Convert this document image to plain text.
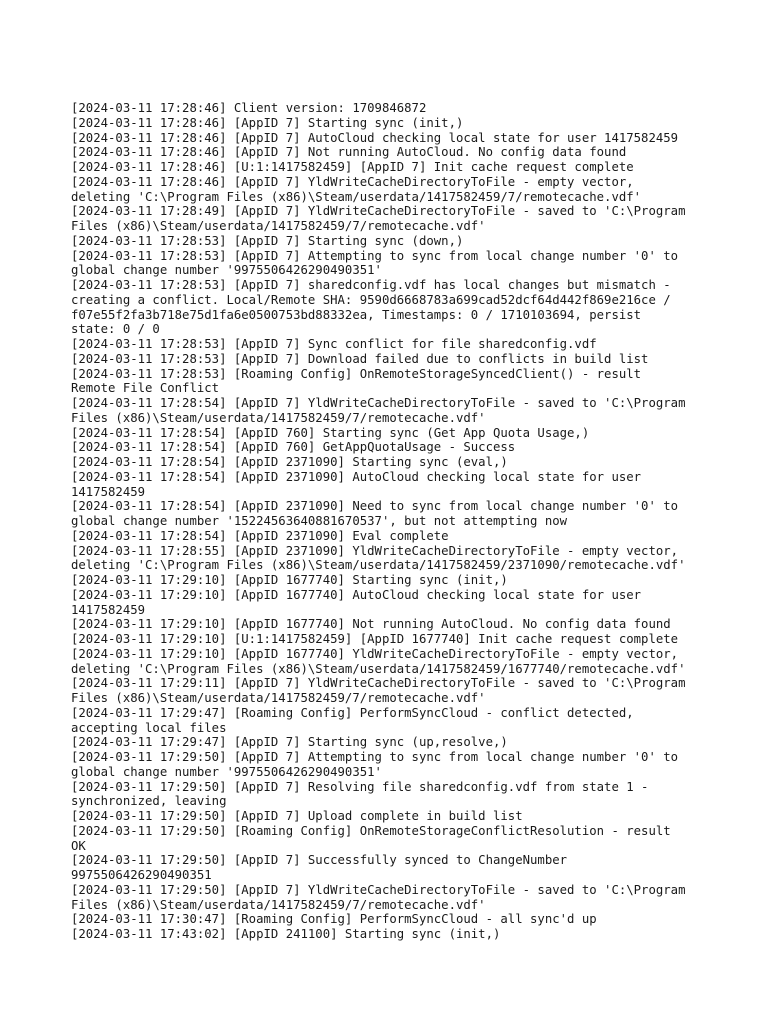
[2024-03-11 17:28:46] Client version: 1709846872
[2024-03-11 17:28:46] [AppID 7] Starting sync (init,)
[2024-03-11 17:28:46] [AppID 7] AutoCloud checking local state for user 1417582459
[2024-03-11 17:28:46] [AppID 7] Not running AutoCloud. No config data found
[2024-03-11 17:28:46] [U:1:1417582459] [AppID 7] Init cache request complete
[2024-03-11 17:28:46] [AppID 7] YldWriteCacheDirectoryToFile - empty vector,
deleting 'C:\Program Files (x86)\Steam/userdata/1417582459/7/remotecache.vdf'
[2024-03-11 17:28:49] [AppID 7] YldWriteCacheDirectoryToFile - saved to 'C:\Program
Files (x86)\Steam/userdata/1417582459/7/remotecache.vdf'
[2024-03-11 17:28:53] [AppID 7] Starting sync (down,)
[2024-03-11 17:28:53] [AppID 7] Attempting to sync from local change number '0' to
global change number '9975506426290490351'
[2024-03-11 17:28:53] [AppID 7] sharedconfig.vdf has local changes but mismatch -
creating a conflict. Local/Remote SHA: 9590d6668783a699cad52dcf64d442f869e216ce /
f07e55f2fa3b718e75d1fa6e0500753bd88332ea, Timestamps: 0 / 1710103694, persist
state: 0 / 0
[2024-03-11 17:28:53] [AppID 7] Sync conflict for file sharedconfig.vdf
[2024-03-11 17:28:53] [AppID 7] Download failed due to conflicts in build list
[2024-03-11 17:28:53] [Roaming Config] OnRemoteStorageSyncedClient() - result
Remote File Conflict
[2024-03-11 17:28:54] [AppID 7] YldWriteCacheDirectoryToFile - saved to 'C:\Program
Files (x86)\Steam/userdata/1417582459/7/remotecache.vdf'
[2024-03-11 17:28:54] [AppID 760] Starting sync (Get App Quota Usage,)
[2024-03-11 17:28:54] [AppID 760] GetAppQuotaUsage - Success
[2024-03-11 17:28:54] [AppID 2371090] Starting sync (eval,)
[2024-03-11 17:28:54] [AppID 2371090] AutoCloud checking local state for user
1417582459
[2024-03-11 17:28:54] [AppID 2371090] Need to sync from local change number '0' to
global change number '15224563640881670537', but not attempting now
[2024-03-11 17:28:54] [AppID 2371090] Eval complete
[2024-03-11 17:28:55] [AppID 2371090] YldWriteCacheDirectoryToFile - empty vector,
deleting 'C:\Program Files (x86)\Steam/userdata/1417582459/2371090/remotecache.vdf'
[2024-03-11 17:29:10] [AppID 1677740] Starting sync (init,)
[2024-03-11 17:29:10] [AppID 1677740] AutoCloud checking local state for user
1417582459
[2024-03-11 17:29:10] [AppID 1677740] Not running AutoCloud. No config data found
[2024-03-11 17:29:10] [U:1:1417582459] [AppID 1677740] Init cache request complete
[2024-03-11 17:29:10] [AppID 1677740] YldWriteCacheDirectoryToFile - empty vector,
deleting 'C:\Program Files (x86)\Steam/userdata/1417582459/1677740/remotecache.vdf'
[2024-03-11 17:29:11] [AppID 7] YldWriteCacheDirectoryToFile - saved to 'C:\Program
Files (x86)\Steam/userdata/1417582459/7/remotecache.vdf'
[2024-03-11 17:29:47] [Roaming Config] PerformSyncCloud - conflict detected,
accepting local files
[2024-03-11 17:29:47] [AppID 7] Starting sync (up,resolve,)
[2024-03-11 17:29:50] [AppID 7] Attempting to sync from local change number '0' to
global change number '9975506426290490351'
[2024-03-11 17:29:50] [AppID 7] Resolving file sharedconfig.vdf from state 1 -
synchronized, leaving
[2024-03-11 17:29:50] [AppID 7] Upload complete in build list
[2024-03-11 17:29:50] [Roaming Config] OnRemoteStorageConflictResolution - result
OK
[2024-03-11 17:29:50] [AppID 7] Successfully synced to ChangeNumber
9975506426290490351
[2024-03-11 17:29:50] [AppID 7] YldWriteCacheDirectoryToFile - saved to 'C:\Program
Files (x86)\Steam/userdata/1417582459/7/remotecache.vdf'
[2024-03-11 17:30:47] [Roaming Config] PerformSyncCloud - all sync'd up
[2024-03-11 17:43:02] [AppID 241100] Starting sync (init,)
